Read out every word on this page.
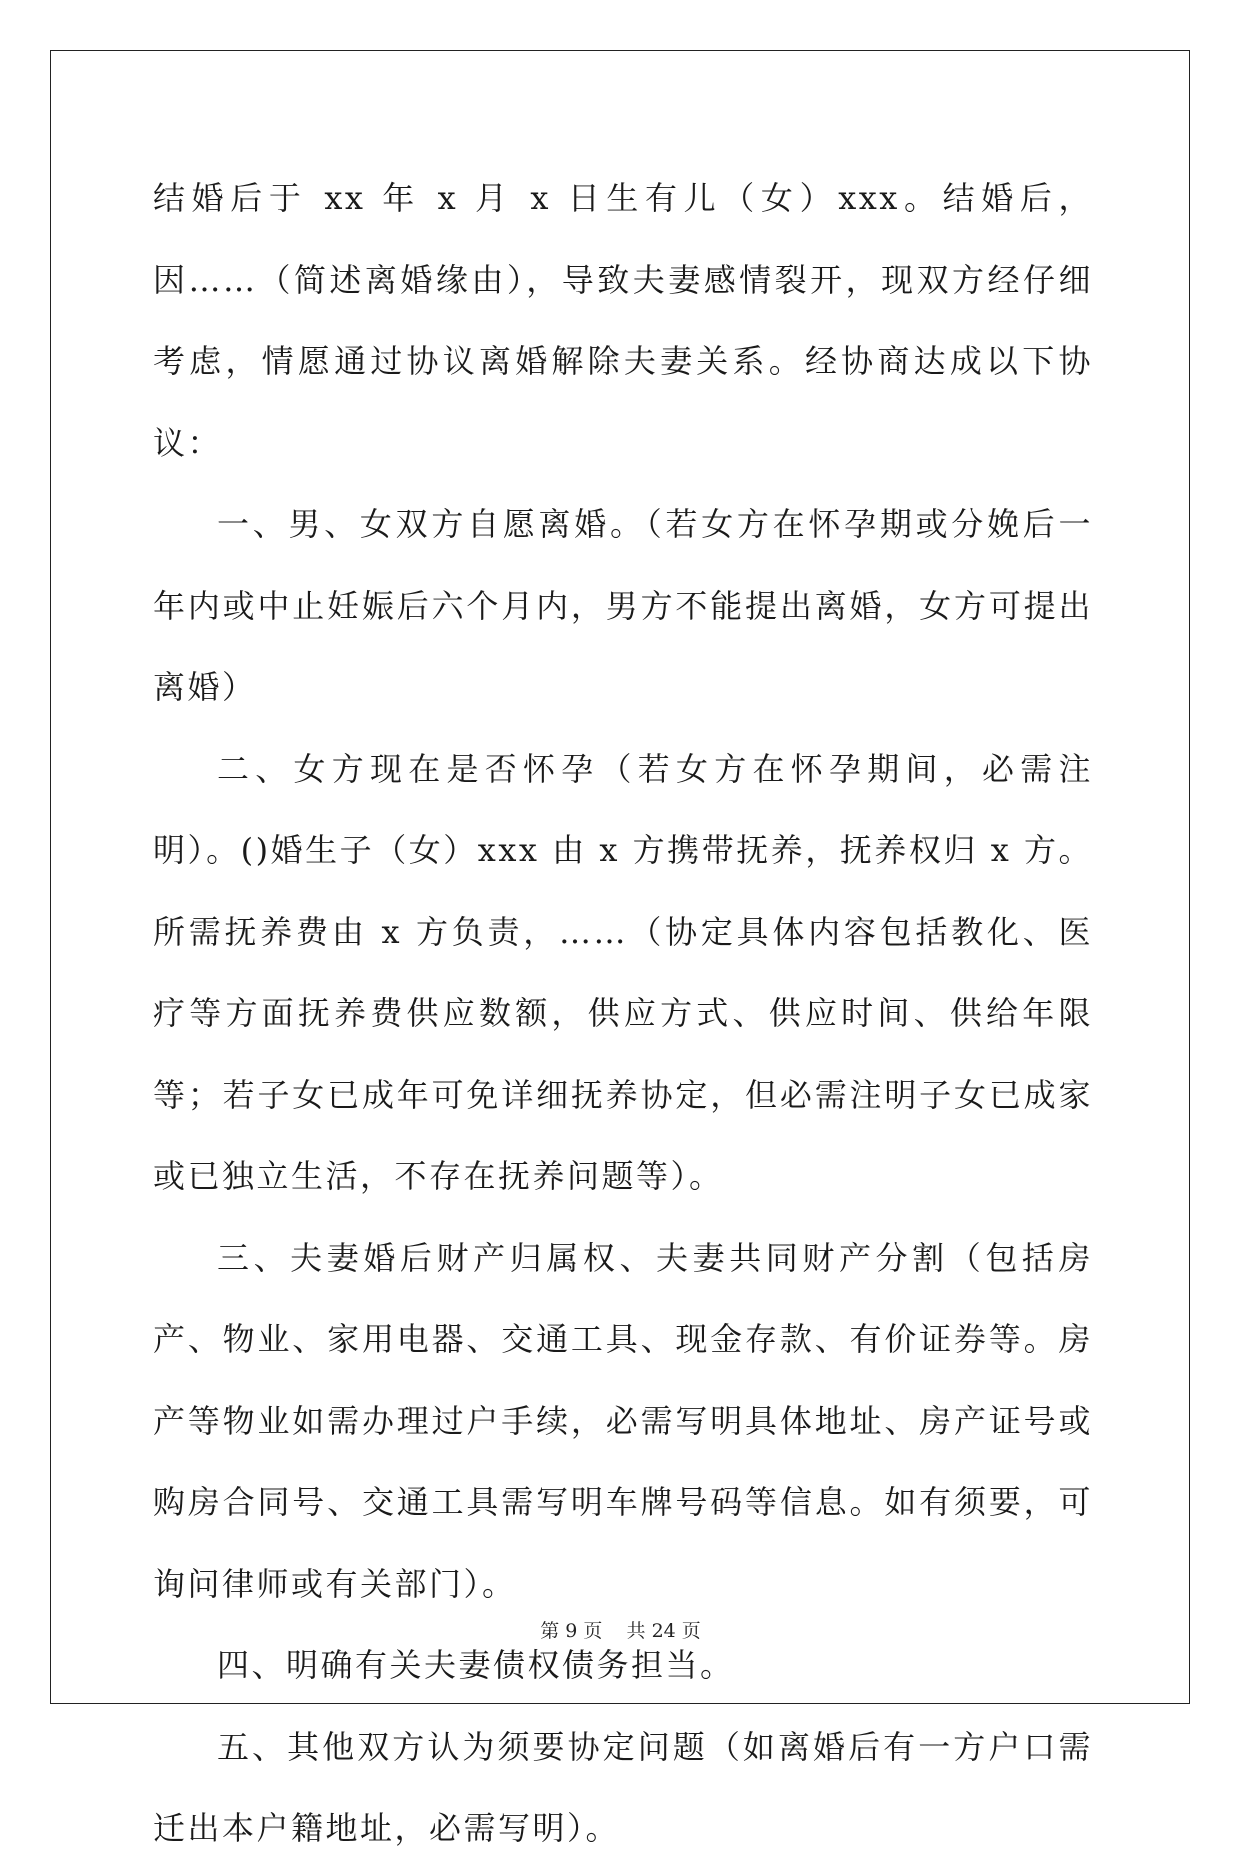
结婚后于 xx 年 x 月 x 日生有儿（女）xxx。结婚后，因……（简述离婚缘由），导致夫妻感情裂开，现双方经仔细考虑，情愿通过协议离婚解除夫妻关系。经协商达成以下协议：

一、男、女双方自愿离婚。（若女方在怀孕期或分娩后一年内或中止妊娠后六个月内，男方不能提出离婚，女方可提出离婚）

二、女方现在是否怀孕（若女方在怀孕期间，必需注明）。()婚生子（女）xxx 由 x 方携带抚养，抚养权归 x 方。所需抚养费由 x 方负责，……（协定具体内容包括教化、医疗等方面抚养费供应数额，供应方式、供应时间、供给年限等；若子女已成年可免详细抚养协定，但必需注明子女已成家或已独立生活，不存在抚养问题等）。

三、夫妻婚后财产归属权、夫妻共同财产分割（包括房产、物业、家用电器、交通工具、现金存款、有价证券等。房产等物业如需办理过户手续，必需写明具体地址、房产证号或购房合同号、交通工具需写明车牌号码等信息。如有须要，可询问律师或有关部门）。

四、明确有关夫妻债权债务担当。

五、其他双方认为须要协定问题（如离婚后有一方户口需迁出本户籍地址，必需写明）。

第 9 页    共 24 页
